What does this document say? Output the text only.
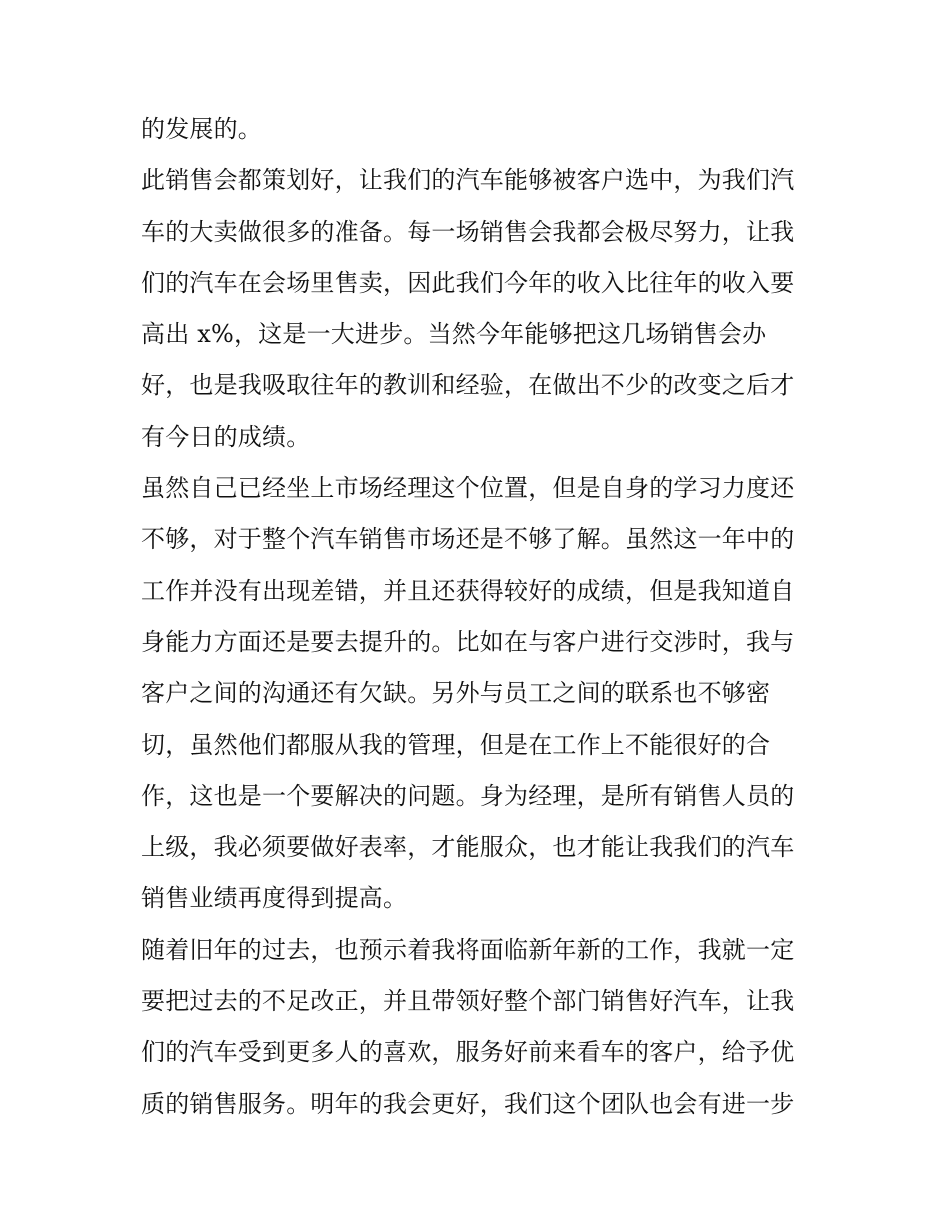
的发展的。
此销售会都策划好，让我们的汽车能够被客户选中，为我们汽
车的大卖做很多的准备。每一场销售会我都会极尽努力，让我
们的汽车在会场里售卖，因此我们今年的收入比往年的收入要
高出 x%，这是一大进步。当然今年能够把这几场销售会办
好，也是我吸取往年的教训和经验，在做出不少的改变之后才
有今日的成绩。
虽然自己已经坐上市场经理这个位置，但是自身的学习力度还
不够，对于整个汽车销售市场还是不够了解。虽然这一年中的
工作并没有出现差错，并且还获得较好的成绩，但是我知道自
身能力方面还是要去提升的。比如在与客户进行交涉时，我与
客户之间的沟通还有欠缺。另外与员工之间的联系也不够密
切，虽然他们都服从我的管理，但是在工作上不能很好的合
作，这也是一个要解决的问题。身为经理，是所有销售人员的
上级，我必须要做好表率，才能服众，也才能让我我们的汽车
销售业绩再度得到提高。
随着旧年的过去，也预示着我将面临新年新的工作，我就一定
要把过去的不足改正，并且带领好整个部门销售好汽车，让我
们的汽车受到更多人的喜欢，服务好前来看车的客户，给予优
质的销售服务。明年的我会更好，我们这个团队也会有进一步
